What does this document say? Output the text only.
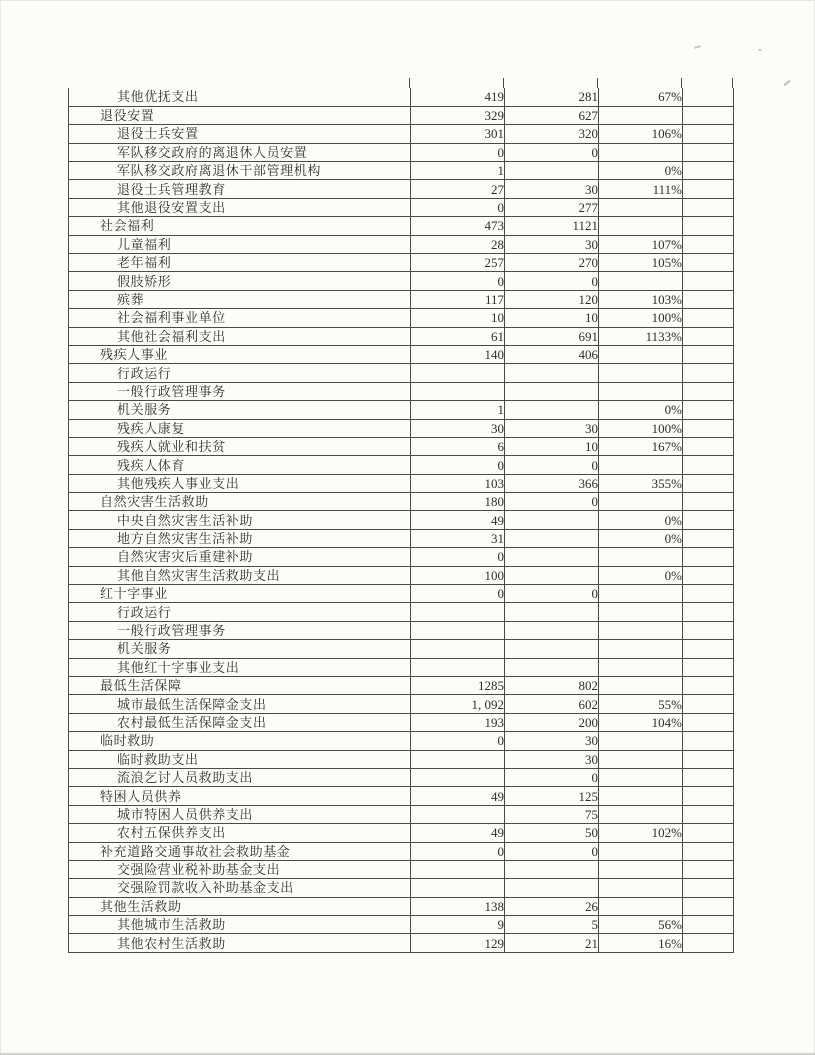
其他优抚支出	419	281	67%	
退役安置	329	627		
退役士兵安置	301	320	106%	
军队移交政府的离退休人员安置	0	0		
军队移交政府离退休干部管理机构	1		0%	
退役士兵管理教育	27	30	111%	
其他退役安置支出	0	277		
社会福利	473	1121		
儿童福利	28	30	107%	
老年福利	257	270	105%	
假肢矫形	0	0		
殡葬	117	120	103%	
社会福利事业单位	10	10	100%	
其他社会福利支出	61	691	1133%	
残疾人事业	140	406		
行政运行				
一般行政管理事务				
机关服务	1		0%	
残疾人康复	30	30	100%	
残疾人就业和扶贫	6	10	167%	
残疾人体育	0	0		
其他残疾人事业支出	103	366	355%	
自然灾害生活救助	180	0		
中央自然灾害生活补助	49		0%	
地方自然灾害生活补助	31		0%	
自然灾害灾后重建补助	0			
其他自然灾害生活救助支出	100		0%	
红十字事业	0	0		
行政运行				
一般行政管理事务				
机关服务				
其他红十字事业支出				
最低生活保障	1285	802		
城市最低生活保障金支出	1, 092	602	55%	
农村最低生活保障金支出	193	200	104%	
临时救助	0	30		
临时救助支出		30		
流浪乞讨人员救助支出		0		
特困人员供养	49	125		
城市特困人员供养支出		75		
农村五保供养支出	49	50	102%	
补充道路交通事故社会救助基金	0	0		
交强险营业税补助基金支出				
交强险罚款收入补助基金支出				
其他生活救助	138	26		
其他城市生活救助	9	5	56%	
其他农村生活救助	129	21	16%	
